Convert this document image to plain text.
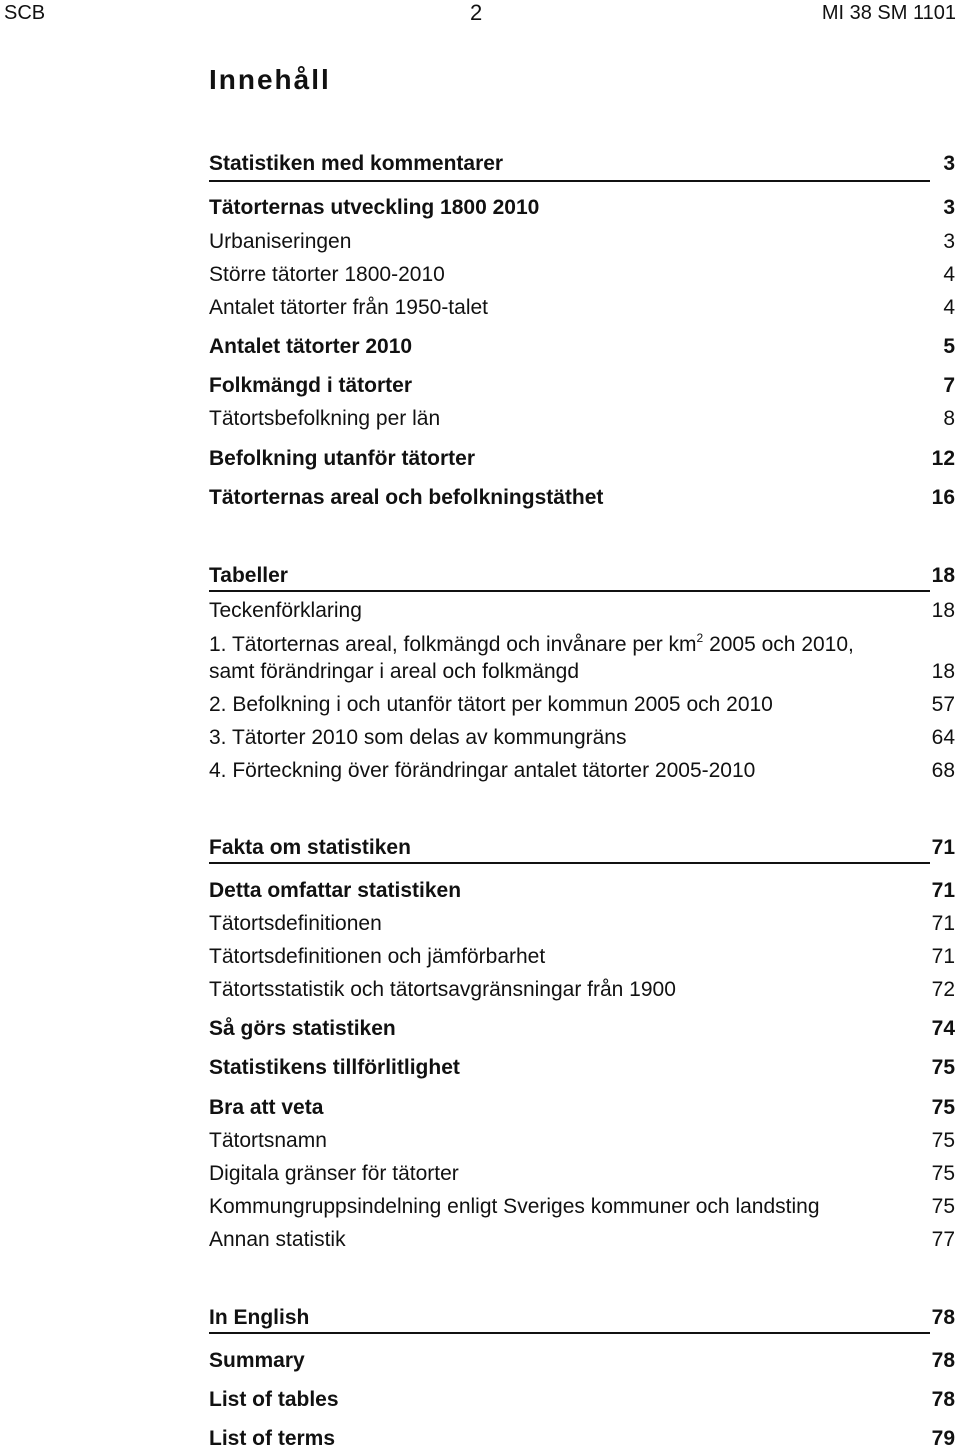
SCB	2	MI 38 SM 1101
Innehåll
Statistiken med kommentarer	3
Tätorternas utveckling 1800 2010	3
Urbaniseringen	3
Större tätorter 1800-2010	4
Antalet tätorter från 1950-talet	4
Antalet tätorter 2010	5
Folkmängd i tätorter	7
Tätortsbefolkning per län	8
Befolkning utanför tätorter	12
Tätorternas areal och befolkningstäthet	16
Tabeller	18
Teckenförklaring	18
1. Tätorternas areal, folkmängd och invånare per $km^2$ 2005 och 2010,
samt förändringar i areal och folkmängd	18
2. Befolkning i och utanför tätort per kommun 2005 och 2010	57
3. Tätorter 2010 som delas av kommungräns	64
4. Förteckning över förändringar antalet tätorter 2005-2010	68
Fakta om statistiken	71
Detta omfattar statistiken	71
Tätortsdefinitionen	71
Tätortsdefinitionen och jämförbarhet	71
Tätortsstatistik och tätortsavgränsningar från 1900	72
Så görs statistiken	74
Statistikens tillförlitlighet	75
Bra att veta	75
Tätortsnamn	75
Digitala gränser för tätorter	75
Kommungruppsindelning enligt Sveriges kommuner och landsting	75
Annan statistik	77
In English	78
Summary	78
List of tables	78
List of terms	79
